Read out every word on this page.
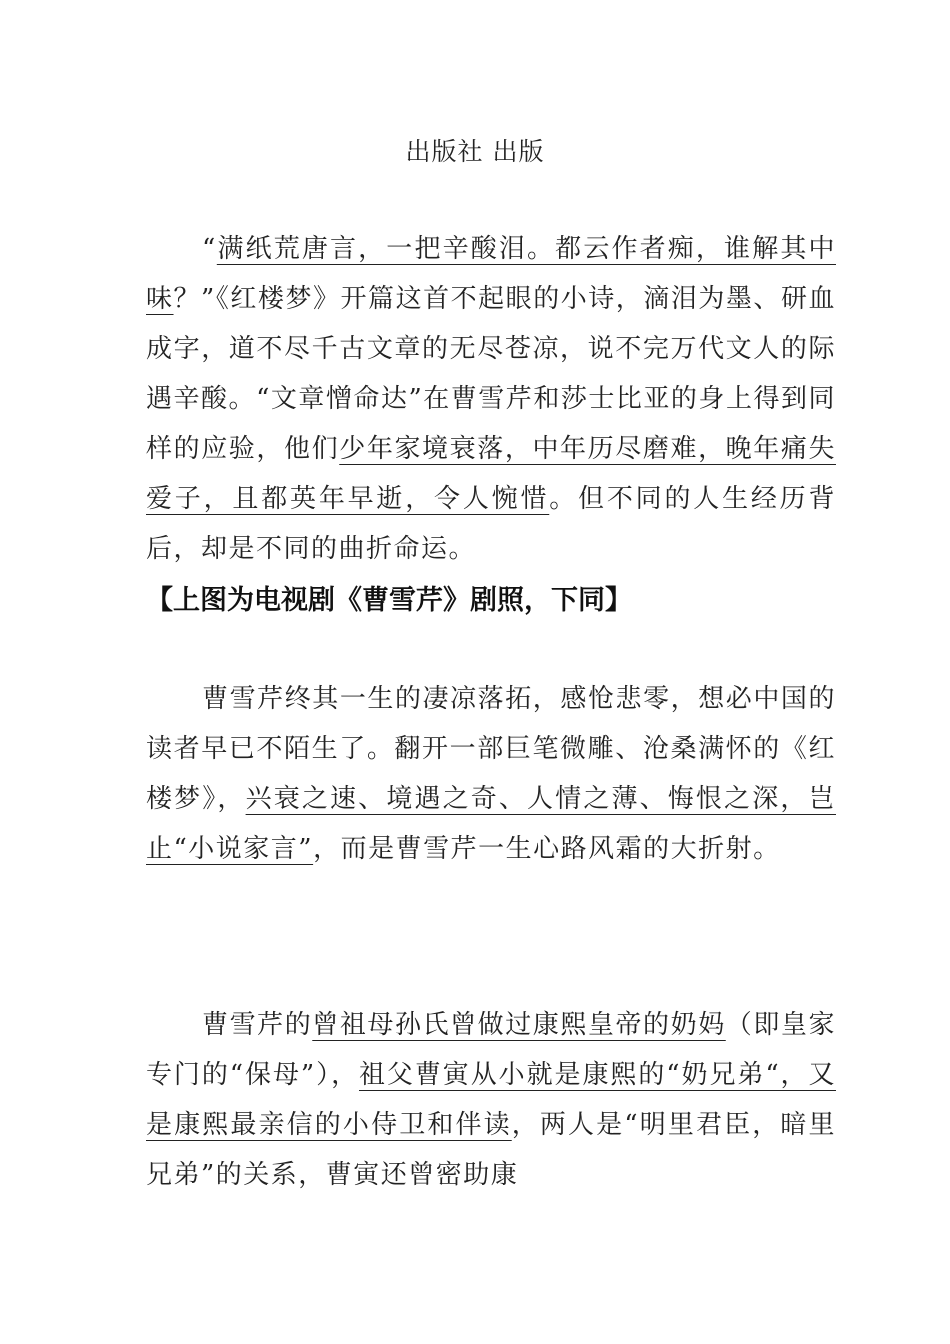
出版社 出版
“满纸荒唐言，一把辛酸泪。都云作者痴，谁解其中味？”《红楼梦》开篇这首不起眼的小诗，滴泪为墨、研血成字，道不尽千古文章的无尽苍凉，说不完万代文人的际遇辛酸。“文章憎命达”在曹雪芹和莎士比亚的身上得到同样的应验，他们少年家境衰落，中年历尽磨难，晚年痛失爱子，且都英年早逝，令人惋惜。但不同的人生经历背后，却是不同的曲折命运。
【上图为电视剧《曹雪芹》剧照，下同】
曹雪芹终其一生的凄凉落拓，感怆悲零，想必中国的读者早已不陌生了。翻开一部巨笔微雕、沧桑满怀的《红楼梦》，兴衰之速、境遇之奇、人情之薄、悔恨之深，岂止“小说家言”，而是曹雪芹一生心路风霜的大折射。
曹雪芹的曾祖母孙氏曾做过康熙皇帝的奶妈（即皇家专门的“保母”），祖父曹寅从小就是康熙的“奶兄弟“，又是康熙最亲信的小侍卫和伴读，两人是“明里君臣，暗里兄弟”的关系，曹寅还曾密助康
